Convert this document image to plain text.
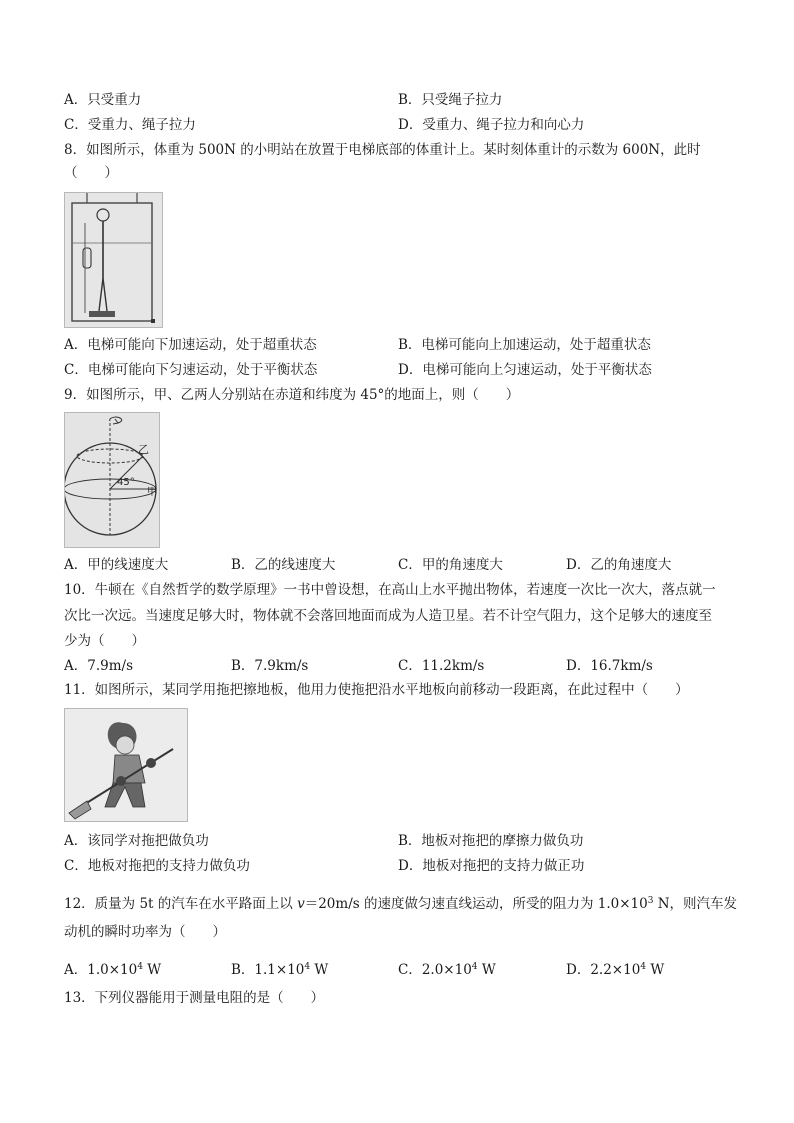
A．只受重力	B．只受绳子拉力
C．受重力、绳子拉力	D．受重力、绳子拉力和向心力
8．如图所示，体重为 500N 的小明站在放置于电梯底部的体重计上。某时刻体重计的示数为 600N，此时
（　　）
A．电梯可能向下加速运动，处于超重状态	B．电梯可能向上加速运动，处于超重状态
C．电梯可能向下匀速运动，处于平衡状态	D．电梯可能向上匀速运动，处于平衡状态
9．如图所示，甲、乙两人分别站在赤道和纬度为 45°的地面上，则（　　）
乙
甲
45°
A．甲的线速度大	B．乙的线速度大	C．甲的角速度大	D．乙的角速度大
10．牛顿在《自然哲学的数学原理》一书中曾设想，在高山上水平抛出物体，若速度一次比一次大，落点就一
次比一次远。当速度足够大时，物体就不会落回地面而成为人造卫星。若不计空气阻力，这个足够大的速度至
少为（　　）
A．7.9m/s	B．7.9km/s	C．11.2km/s	D．16.7km/s
11．如图所示，某同学用拖把擦地板，他用力使拖把沿水平地板向前移动一段距离，在此过程中（　　）
A．该同学对拖把做负功	B．地板对拖把的摩擦力做负功
C．地板对拖把的支持力做负功	D．地板对拖把的支持力做正功
12．质量为 5t 的汽车在水平路面上以 v＝20m/s 的速度做匀速直线运动，所受的阻力为 $1.0\times 10^3$ N，则汽车发
动机的瞬时功率为（　　）
A．$1.0\times 10^4$ W	B．$1.1\times 10^4$ W	C．$2.0\times 10^4$ W	D．$2.2\times 10^4$ W
13．下列仪器能用于测量电阻的是（　　）
